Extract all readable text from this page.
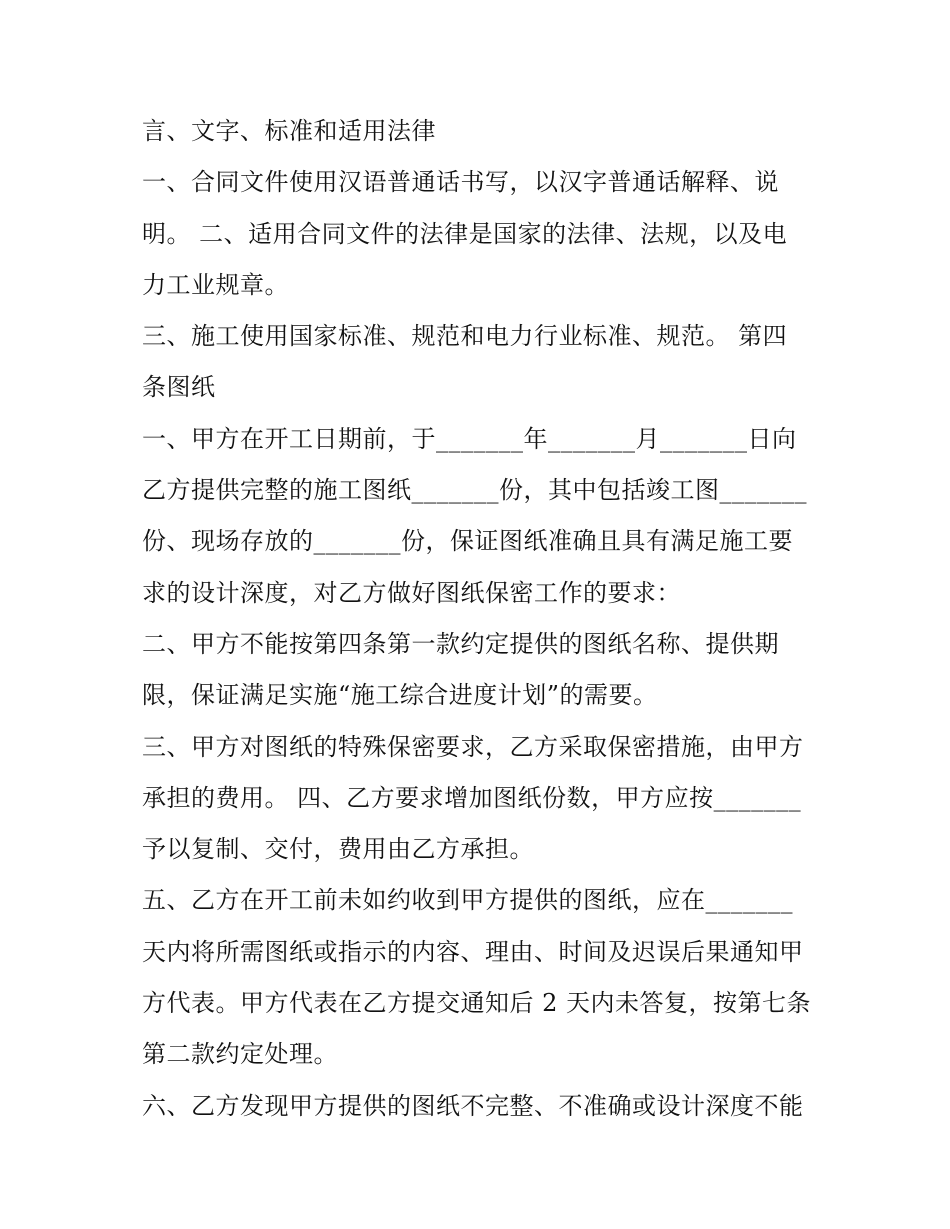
言、文字、标准和适用法律
一、合同文件使用汉语普通话书写，以汉字普通话解释、说
明。 二、适用合同文件的法律是国家的法律、法规，以及电
力工业规章。
三、施工使用国家标准、规范和电力行业标准、规范。 第四
条图纸
一、甲方在开工日期前，于_______年_______月_______日向
乙方提供完整的施工图纸_______份，其中包括竣工图_______
份、现场存放的_______份，保证图纸准确且具有满足施工要
求的设计深度，对乙方做好图纸保密工作的要求：
二、甲方不能按第四条第一款约定提供的图纸名称、提供期
限，保证满足实施“施工综合进度计划”的需要。
三、甲方对图纸的特殊保密要求，乙方采取保密措施，由甲方
承担的费用。 四、乙方要求增加图纸份数，甲方应按_______
予以复制、交付，费用由乙方承担。
五、乙方在开工前未如约收到甲方提供的图纸，应在_______
天内将所需图纸或指示的内容、理由、时间及迟误后果通知甲
方代表。甲方代表在乙方提交通知后 2 天内未答复，按第七条
第二款约定处理。
六、乙方发现甲方提供的图纸不完整、不准确或设计深度不能
